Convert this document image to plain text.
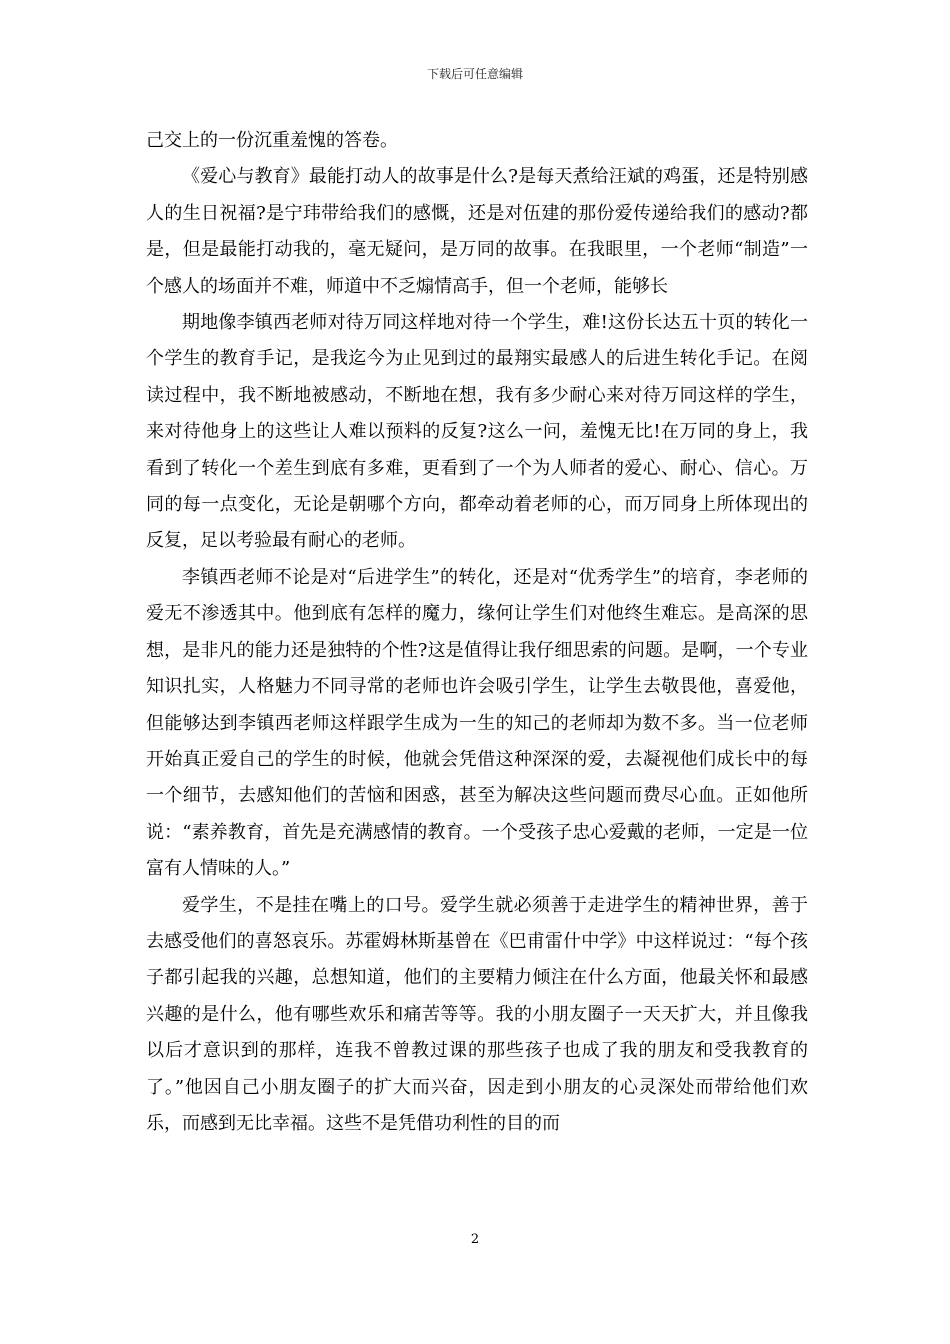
下载后可任意编辑

己交上的一份沉重羞愧的答卷。

《爱心与教育》最能打动人的故事是什么?是每天煮给汪斌的鸡蛋，还是特别感人的生日祝福?是宁玮带给我们的感慨，还是对伍建的那份爱传递给我们的感动?都是，但是最能打动我的，毫无疑问，是万同的故事。在我眼里，一个老师“制造”一个感人的场面并不难，师道中不乏煽情高手，但一个老师，能够长

期地像李镇西老师对待万同这样地对待一个学生，难!这份长达五十页的转化一个学生的教育手记，是我迄今为止见到过的最翔实最感人的后进生转化手记。在阅读过程中，我不断地被感动，不断地在想，我有多少耐心来对待万同这样的学生，来对待他身上的这些让人难以预料的反复?这么一问，羞愧无比!在万同的身上，我看到了转化一个差生到底有多难，更看到了一个为人师者的爱心、耐心、信心。万同的每一点变化，无论是朝哪个方向，都牵动着老师的心，而万同身上所体现出的反复，足以考验最有耐心的老师。

李镇西老师不论是对“后进学生”的转化，还是对“优秀学生”的培育，李老师的爱无不渗透其中。他到底有怎样的魔力，缘何让学生们对他终生难忘。是高深的思想，是非凡的能力还是独特的个性?这是值得让我仔细思索的问题。是啊，一个专业知识扎实，人格魅力不同寻常的老师也许会吸引学生，让学生去敬畏他，喜爱他，但能够达到李镇西老师这样跟学生成为一生的知己的老师却为数不多。当一位老师开始真正爱自己的学生的时候，他就会凭借这种深深的爱，去凝视他们成长中的每一个细节，去感知他们的苦恼和困惑，甚至为解决这些问题而费尽心血。正如他所说：“素养教育，首先是充满感情的教育。一个受孩子忠心爱戴的老师，一定是一位富有人情味的人。”

爱学生，不是挂在嘴上的口号。爱学生就必须善于走进学生的精神世界，善于去感受他们的喜怒哀乐。苏霍姆林斯基曾在《巴甫雷什中学》中这样说过：“每个孩子都引起我的兴趣，总想知道，他们的主要精力倾注在什么方面，他最关怀和最感兴趣的是什么，他有哪些欢乐和痛苦等等。我的小朋友圈子一天天扩大，并且像我以后才意识到的那样，连我不曾教过课的那些孩子也成了我的朋友和受我教育的了。”他因自己小朋友圈子的扩大而兴奋，因走到小朋友的心灵深处而带给他们欢乐，而感到无比幸福。这些不是凭借功利性的目的而

2
